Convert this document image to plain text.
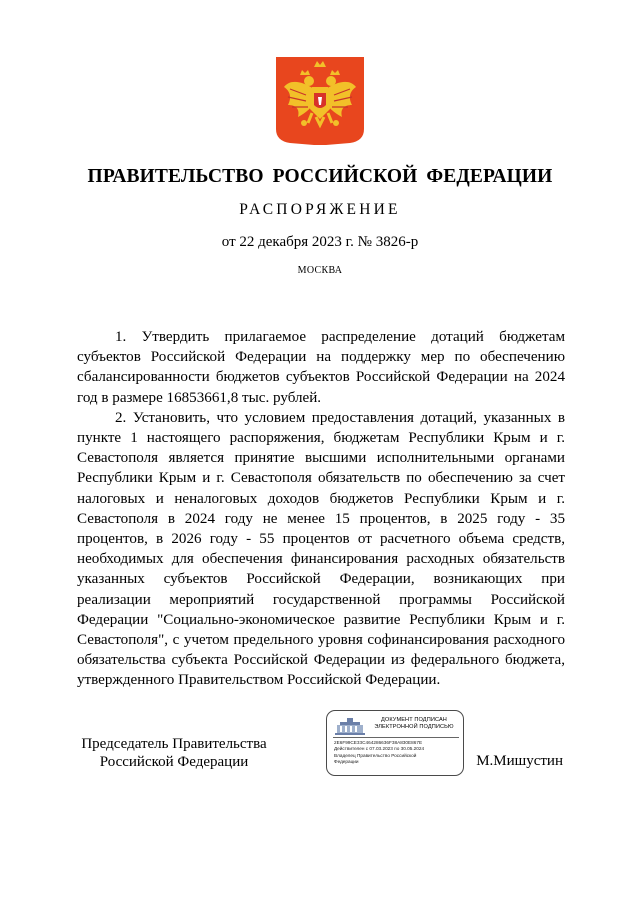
ПРАВИТЕЛЬСТВО РОССИЙСКОЙ ФЕДЕРАЦИИ
РАСПОРЯЖЕНИЕ
от 22 декабря 2023 г. № 3826-р
МОСКВА

1. Утвердить прилагаемое распределение дотаций бюджетам субъектов Российской Федерации на поддержку мер по обеспечению сбалансированности бюджетов субъектов Российской Федерации на 2024 год в размере 16853661,8 тыс. рублей.

2. Установить, что условием предоставления дотаций, указанных в пункте 1 настоящего распоряжения, бюджетам Республики Крым и г. Севастополя является принятие высшими исполнительными органами Республики Крым и г. Севастополя обязательств по обеспечению за счет налоговых и неналоговых доходов бюджетов Республики Крым и г. Севастополя в 2024 году не менее 15 процентов, в 2025 году - 35 процентов, в 2026 году - 55 процентов от расчетного объема средств, необходимых для обеспечения финансирования расходных обязательств указанных субъектов Российской Федерации, возникающих при реализации мероприятий государственной программы Российской Федерации "Социально-экономическое развитие Республики Крым и г. Севастополя", с учетом предельного уровня софинансирования расходного обязательства субъекта Российской Федерации из федерального бюджета, утвержденного Правительством Российской Федерации.

Председатель Правительства
Российской Федерации
ДОКУМЕНТ ПОДПИСАН
ЭЛЕКТРОННОЙ ПОДПИСЬЮ
2E6F99CE33C464286636F38A830E867E
Действителен с 07.03.2023 по 30.05.2024
Владелец Правительство Российской
Федерации	М.Мишустин
